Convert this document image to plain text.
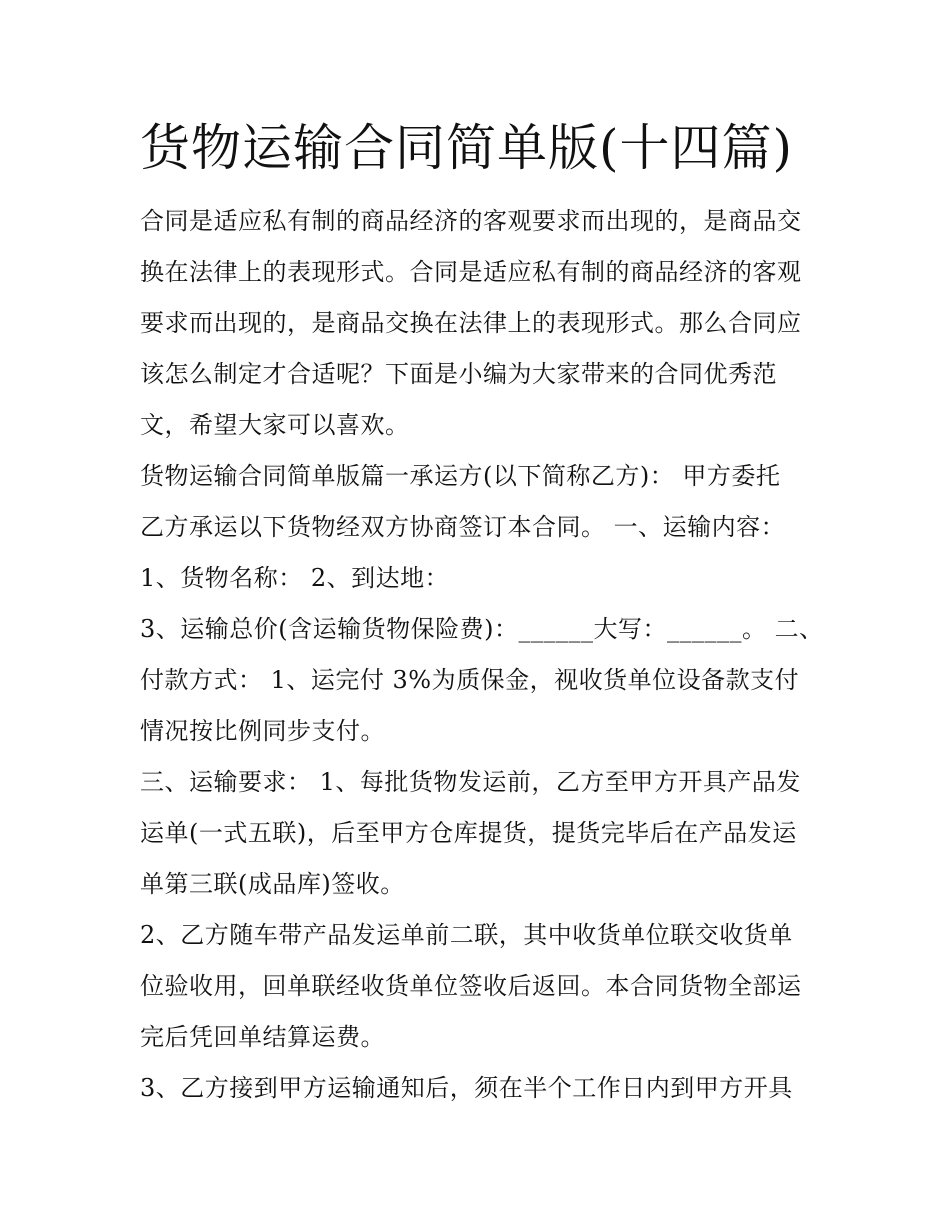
货物运输合同简单版(十四篇)

合同是适应私有制的商品经济的客观要求而出现的，是商品交
换在法律上的表现形式。合同是适应私有制的商品经济的客观
要求而出现的，是商品交换在法律上的表现形式。那么合同应
该怎么制定才合适呢？下面是小编为大家带来的合同优秀范
文，希望大家可以喜欢。

货物运输合同简单版篇一承运方(以下简称乙方)： 甲方委托
乙方承运以下货物经双方协商签订本合同。 一、运输内容：

1、货物名称： 2、到达地：

3、运输总价(含运输货物保险费)：______大写：______。 二、
付款方式： 1、运完付 3%为质保金，视收货单位设备款支付
情况按比例同步支付。

三、运输要求： 1、每批货物发运前，乙方至甲方开具产品发
运单(一式五联)，后至甲方仓库提货，提货完毕后在产品发运
单第三联(成品库)签收。

2、乙方随车带产品发运单前二联，其中收货单位联交收货单
位验收用，回单联经收货单位签收后返回。本合同货物全部运
完后凭回单结算运费。

3、乙方接到甲方运输通知后，须在半个工作日内到甲方开具
